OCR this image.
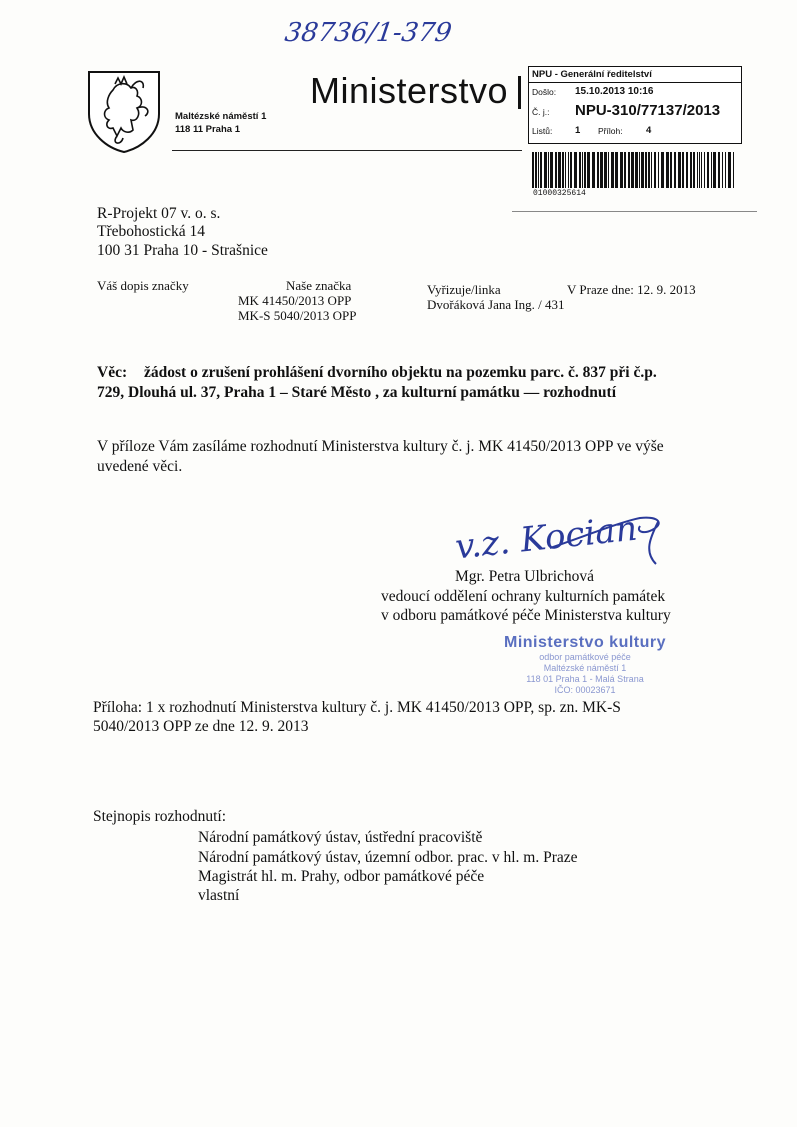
38736/1-379
Ministerstvo
Maltézské náměstí 1
118 11 Praha 1
NPU - Generální ředitelství
Došlo: 15.10.2013 10:16
Č. j.: NPU-310/77137/2013
Listů: 1 Příloh: 4
01000325614
R-Projekt 07 v. o. s.
Třebohostická 14
100 31 Praha 10 - Strašnice
Váš dopis značky	Naše značka
MK 41450/2013 OPP
MK-S 5040/2013 OPP
Vyřizuje/linka
Dvořáková Jana Ing. / 431
V Praze dne: 12. 9. 2013
Věc: žádost o zrušení prohlášení dvorního objektu na pozemku parc. č. 837 při č.p.
729, Dlouhá ul. 37, Praha 1 – Staré Město , za kulturní památku — rozhodnutí
V příloze Vám zasíláme rozhodnutí Ministerstva kultury č. j. MK 41450/2013 OPP ve výše
uvedené věci.
v.z. Kocian
Mgr. Petra Ulbrichová
vedoucí oddělení ochrany kulturních památek
v odboru památkové péče Ministerstva kultury
Ministerstvo kultury
odbor památkové péče
Maltézské náměstí 1
118 01 Praha 1 - Malá Strana
IČO: 00023671
Příloha: 1 x rozhodnutí Ministerstva kultury č. j. MK 41450/2013 OPP, sp. zn. MK-S
5040/2013 OPP ze dne 12. 9. 2013
Stejnopis rozhodnutí:
Národní památkový ústav, ústřední pracoviště
Národní památkový ústav, územní odbor. prac. v hl. m. Praze
Magistrát hl. m. Prahy, odbor památkové péče
vlastní
